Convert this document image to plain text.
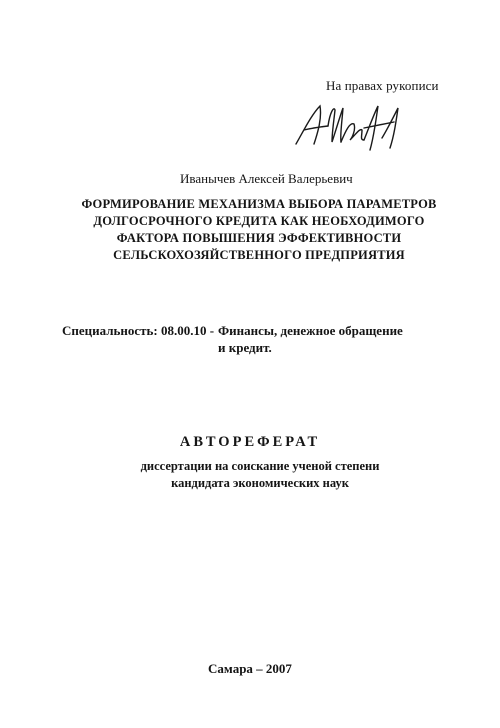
На правах рукописи
Иванычев Алексей Валерьевич
ФОРМИРОВАНИЕ МЕХАНИЗМА ВЫБОРА ПАРАМЕТРОВ
ДОЛГОСРОЧНОГО КРЕДИТА КАК НЕОБХОДИМОГО
ФАКТОРА ПОВЫШЕНИЯ ЭФФЕКТИВНОСТИ
СЕЛЬСКОХОЗЯЙСТВЕННОГО ПРЕДПРИЯТИЯ
Специальность: 08.00.10 - Финансы, денежное обращение
и кредит.
АВТОРЕФЕРАТ
диссертации на соискание ученой степени
кандидата экономических наук
Самара – 2007
